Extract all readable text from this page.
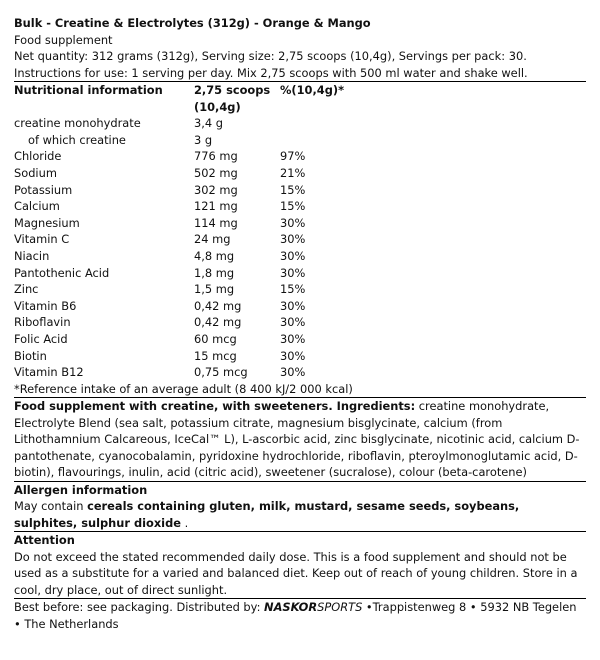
Bulk - Creatine & Electrolytes (312g) - Orange & Mango
Food supplement
Net quantity: 312 grams (312g), Serving size: 2,75 scoops (10,4g), Servings per pack: 30.
Instructions for use: 1 serving per day. Mix 2,75 scoops with 500 ml water and shake well.
Nutritional information	2,75 scoops	%(10,4g)*
	(10,4g)	
creatine monohydrate	3,4 g	
of which creatine	3 g	
Chloride	776 mg	97%
Sodium	502 mg	21%
Potassium	302 mg	15%
Calcium	121 mg	15%
Magnesium	114 mg	30%
Vitamin C	24 mg	30%
Niacin	4,8 mg	30%
Pantothenic Acid	1,8 mg	30%
Zinc	1,5 mg	15%
Vitamin B6	0,42 mg	30%
Riboflavin	0,42 mg	30%
Folic Acid	60 mcg	30%
Biotin	15 mcg	30%
Vitamin B12	0,75 mcg	30%
*Reference intake of an average adult (8 400 kJ/2 000 kcal)
Food supplement with creatine, with sweeteners. Ingredients: creatine monohydrate, Electrolyte Blend (sea salt, potassium citrate, magnesium bisglycinate, calcium (from Lithothamnium Calcareous, IceCal™ L), L-ascorbic acid, zinc bisglycinate, nicotinic acid, calcium D-pantothenate, cyanocobalamin, pyridoxine hydrochloride, riboflavin, pteroylmonoglutamic acid, D-biotin), flavourings, inulin, acid (citric acid), sweetener (sucralose), colour (beta-carotene)
Allergen information
May contain cereals containing gluten, milk, mustard, sesame seeds, soybeans, sulphites, sulphur dioxide .
Attention
Do not exceed the stated recommended daily dose. This is a food supplement and should not be used as a substitute for a varied and balanced diet. Keep out of reach of young children. Store in a cool, dry place, out of direct sunlight.
Best before: see packaging. Distributed by: NASKORSPORTS •Trappistenweg 8 • 5932 NB Tegelen • The Netherlands
